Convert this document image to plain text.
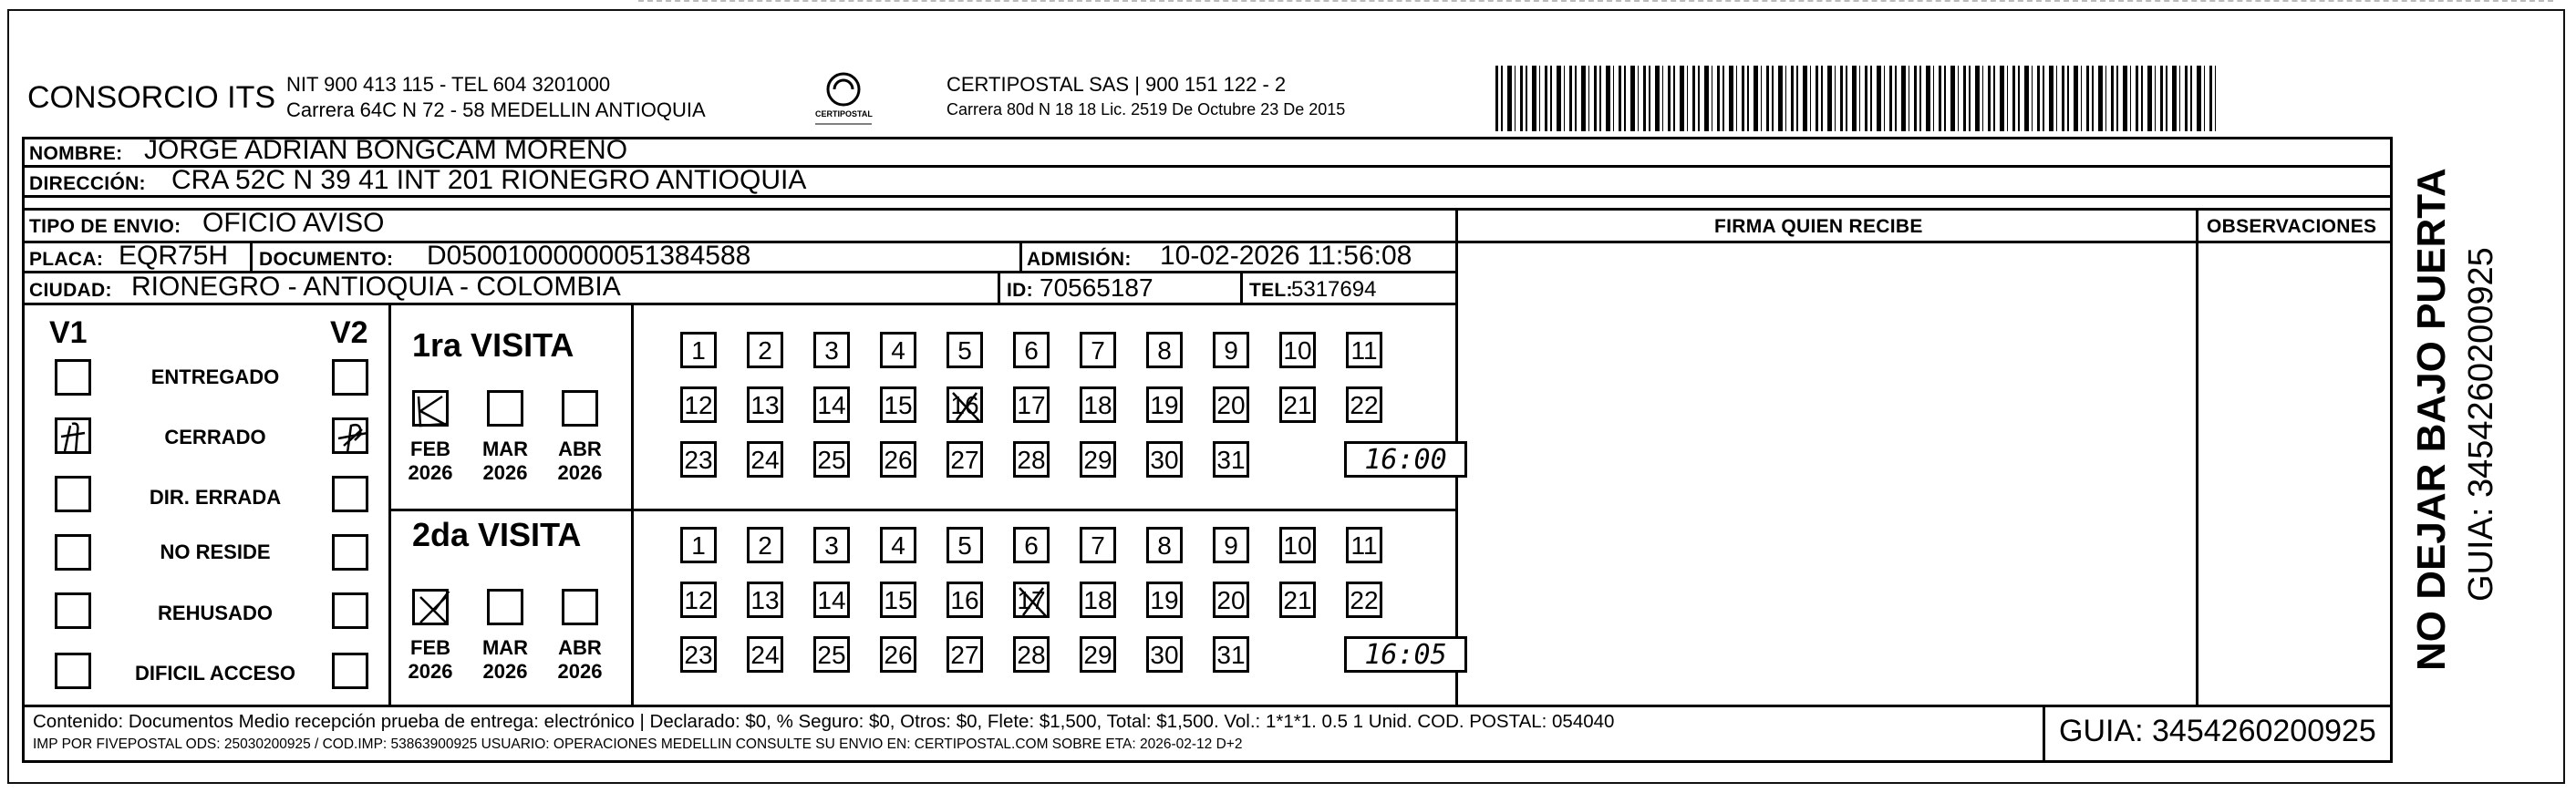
CONSORCIO ITS NIT 900 413 115 - TEL 604 3201000
Carrera 64C N 72 - 58 MEDELLIN ANTIOQUIA	CERTIPOSTAL
CERTIPOSTAL SAS | 900 151 122 - 2
Carrera 80d N 18 18 Lic. 2519 De Octubre 23 De 2015
NOMBRE: JORGE ADRIAN BONGCAM MORENO
DIRECCIÓN: CRA 52C N 39 41 INT 201 RIONEGRO ANTIOQUIA
TIPO DE ENVIO: OFICIO AVISO	FIRMA QUIEN RECIBE	OBSERVACIONES
PLACA: EQR75H DOCUMENTO: D05001000000051384588	ADMISIÓN: 10-02-2026 11:56:08
CIUDAD: RIONEGRO - ANTIOQUIA - COLOMBIA	ID: 70565187	TEL:
5317694
V1	V2
ENTREGADO
CERRADO
DIR. ERRADA
NO RESIDE
REHUSADO
DIFICIL ACCESO
1ra VISITA
FEB
2026
MAR
2026
ABR
2026
1	2	3	4	5	6	7	8	9	10 11
12 13 14 15 16 17 18 19 20 21 22
23 24 25 26 27 28 29 30 31	16:00
2da VISITA
FEB
2026
MAR
2026
ABR
2026
1	2	3	4	5	6	7	8	9	10 11
12 13 14 15 16 17 18 19 20 21 22
23 24 25 26 27 28 29 30 31	16:05
Contenido: Documentos Medio recepción prueba de entrega: electrónico | Declarado: $0, % Seguro: $0, Otros: $0, Flete: $1,500, Total: $1,500. Vol.: 1*1*1. 0.5 1 Unid. COD. POSTAL: 054040
IMP POR FIVEPOSTAL ODS: 25030200925 / COD.IMP: 53863900925 USUARIO: OPERACIONES MEDELLIN CONSULTE SU ENVIO EN: CERTIPOSTAL.COM SOBRE ETA: 2026-02-12 D+2	GUIA: 3454260200925
NO DEJAR BAJO PUERTA GUIA: 3454260200925
